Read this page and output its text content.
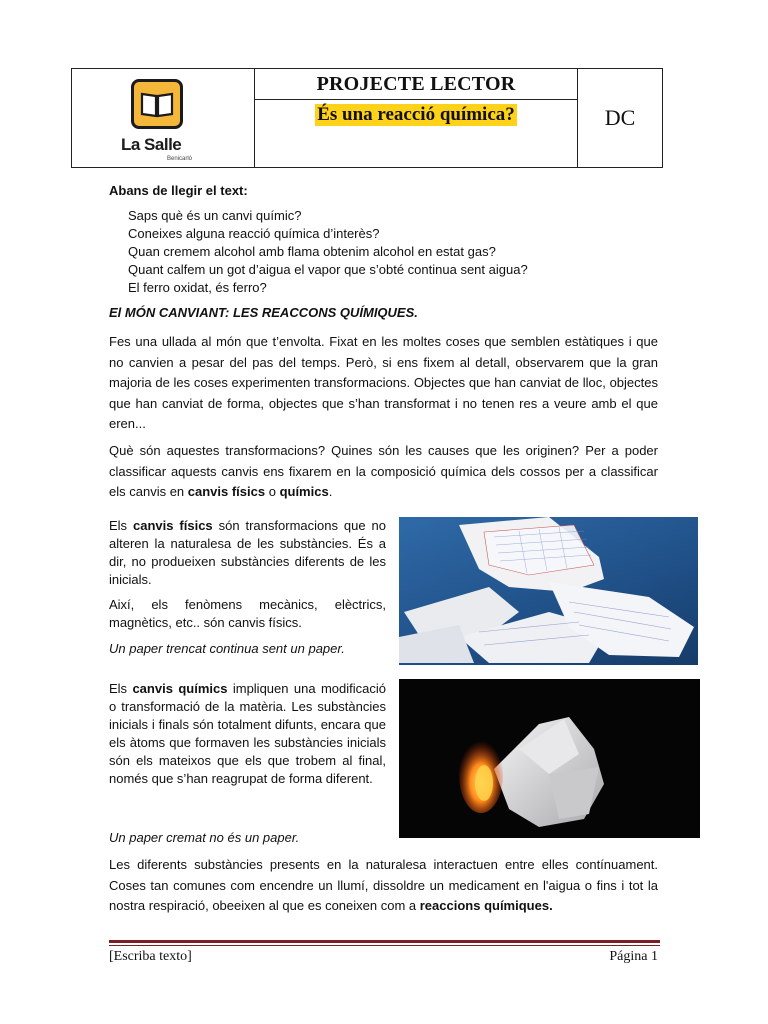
La Salle
Benicarló
PROJECTE LECTOR
És una reacció química?	DC
Abans de llegir el text:
Saps què és un canvi químic?
Coneixes alguna reacció química d’interès?
Quan cremem alcohol amb flama obtenim alcohol en estat gas?
Quant calfem un got d’aigua el vapor que s’obté continua sent aigua?
El ferro oxidat, és ferro?
El MÓN CANVIANT: LES REACCONS QUÍMIQUES.
Fes una ullada al món que t’envolta. Fixat en les moltes coses que semblen estàtiques i que no canvien a pesar del pas del temps. Però, si ens fixem al detall, observarem que la gran majoria de les coses experimenten transformacions. Objectes que han canviat de lloc, objectes que han canviat de forma, objectes que s’han transformat i no tenen res a veure amb el que eren...
Què són aquestes transformacions? Quines són les causes que les originen? Per a poder classificar aquests canvis ens fixarem en la composició química dels cossos per a classificar els canvis en canvis físics o químics.
Els canvis físics són transformacions que no alteren la naturalesa de les substàncies. És a dir, no produeixen substàncies diferents de les inicials.
Així, els fenòmens mecànics, elèctrics, magnètics, etc.. són canvis físics.
Un paper trencat continua sent un paper.
Els canvis químics impliquen una modificació o transformació de la matèria. Les substàncies inicials i finals són totalment difunts, encara que els àtoms que formaven les substàncies inicials són els mateixos que els que trobem al final, només que s’han reagrupat de forma diferent.
Un paper cremat no és un paper.
Les diferents substàncies presents en la naturalesa interactuen entre elles contínuament. Coses tan comunes com encendre un llumí, dissoldre un medicament en l'aigua o fins i tot la nostra respiració, obeeixen al que es coneixen com a reaccions químiques.
[Escriba texto]	Página 1
